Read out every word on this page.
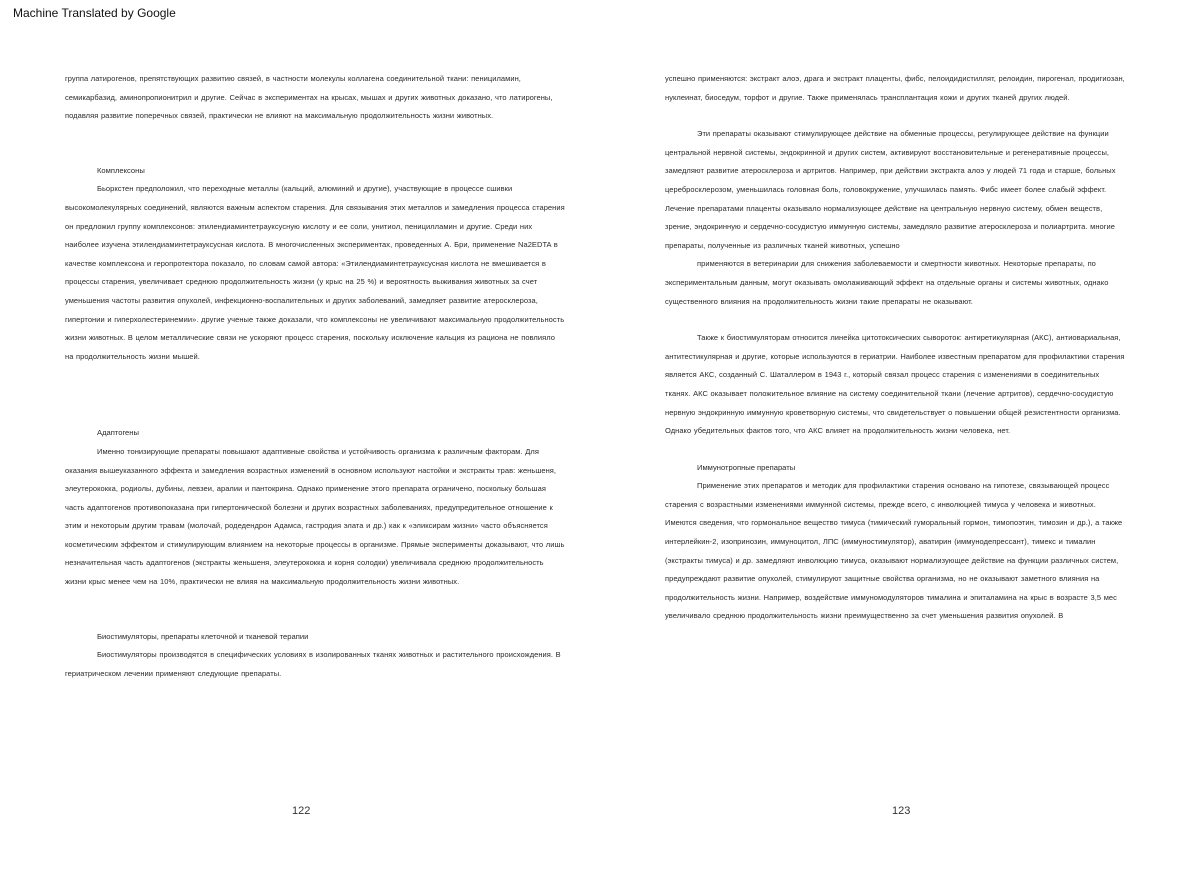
Machine Translated by Google

группа латирогенов, препятствующих развитию связей, в частности молекулы коллагена соединительной ткани: пенициламин, семикарбазид, аминопропионитрил и другие. Сейчас в экспериментах на крысах, мышах и других животных доказано, что латирогены, подавляя развитие поперечных связей, практически не влияют на максимальную продолжительность жизни животных.

Комплексоны

Бьоркстен предположил, что переходные металлы (кальций, алюминий и другие), участвующие в процессе сшивки высокомолекулярных соединений, являются важным аспектом старения. Для связывания этих металлов и замедления процесса старения он предложил группу комплексонов: этилендиаминтетрауксусную кислоту и ее соли, унитиол, пеницилламин и другие. Среди них наиболее изучена этилендиаминтетрауксусная кислота. В многочисленных экспериментах, проведенных А. Бри, применение Na2EDTA в качестве комплексона и геропротектора показало, по словам самой автора: «Этилендиаминтетрауксусная кислота не вмешивается в процессы старения, увеличивает среднюю продолжительность жизни (у крыс на 25 %) и вероятность выживания животных за счет уменьшения частоты развития опухолей, инфекционно-воспалительных и других заболеваний, замедляет развитие атеросклероза, гипертонии и гиперхолестеринемии». другие ученые также доказали, что комплексоны не увеличивают максимальную продолжительность жизни животных. В целом металлические связи не ускоряют процесс старения, поскольку исключение кальция из рациона не повлияло на продолжительность жизни мышей.

Адаптогены

Именно тонизирующие препараты повышают адаптивные свойства и устойчивость организма к различным факторам. Для оказания вышеуказанного эффекта и замедления возрастных изменений в основном используют настойки и экстракты трав: женьшеня, элеутерококка, родиолы, дубины, левзеи, аралии и пантокрина. Однако применение этого препарата ограничено, поскольку большая часть адаптогенов противопоказана при гипертонической болезни и других возрастных заболеваниях, предупредительное отношение к этим и некоторым другим травам (молочай, родедендрон Адамса, гастродия элата и др.) как к «эликсирам жизни» часто объясняется косметическим эффектом и стимулирующим влиянием на некоторые процессы в организме. Прямые эксперименты доказывают, что лишь незначительная часть адаптогенов (экстракты женьшеня, элеутерококка и корня солодки) увеличивала среднюю продолжительность жизни крыс менее чем на 10%, практически не влияя на максимальную продолжительность жизни животных.

Биостимуляторы, препараты клеточной и тканевой терапии

Биостимуляторы производятся в специфических условиях в изолированных тканях животных и растительного происхождения. В гериатрическом лечении применяют следующие препараты.

122

успешно применяются: экстракт алоэ, драга и экстракт плаценты, фибс, пелоидидистиллят, релоидин, пирогенал, продигиозан, нуклеинат, биоседум, торфот и другие. Также применялась трансплантация кожи и других тканей других людей.

Эти препараты оказывают стимулирующее действие на обменные процессы, регулирующее действие на функции центральной нервной системы, эндокринной и других систем, активируют восстановительные и регенеративные процессы, замедляют развитие атеросклероза и артритов. Например, при действии экстракта алоэ у людей 71 года и старше, больных церебросклерозом, уменьшилась головная боль, головокружение, улучшилась память. Фибс имеет более слабый эффект. Лечение препаратами плаценты оказывало нормализующее действие на центральную нервную систему, обмен веществ, зрение, эндокринную и сердечно-сосудистую иммунную системы, замедляло развитие атеросклероза и полиартрита. многие препараты, полученные из различных тканей животных, успешно

применяются в ветеринарии для снижения заболеваемости и смертности животных. Некоторые препараты, по экспериментальным данным, могут оказывать омолаживающий эффект на отдельные органы и системы животных, однако существенного влияния на продолжительность жизни такие препараты не оказывают.

Также к биостимуляторам относится линейка цитотоксических сывороток: антиретикулярная (АКС), антиовариальная, антитестикулярная и другие, которые используются в гериатрии. Наиболее известным препаратом для профилактики старения является АКС, созданный С. Шаталлером в 1943 г., который связал процесс старения с изменениями в соединительных тканях. АКС оказывает положительное влияние на систему соединительной ткани (лечение артритов), сердечно-сосудистую нервную эндокринную иммунную кроветворную системы, что свидетельствует о повышении общей резистентности организма. Однако убедительных фактов того, что АКС влияет на продолжительность жизни человека, нет.

Иммунотропные препараты

Применение этих препаратов и методик для профилактики старения основано на гипотезе, связывающей процесс старения с возрастными изменениями иммунной системы, прежде всего, с инволюцией тимуса у человека и животных.

Имеются сведения, что гормональное вещество тимуса (тимический гуморальный гормон, тимопоэтин, тимозин и др.), а также интерлейкин-2, изопринозин, иммуноцитол, ЛПС (иммуностимулятор), аватирин (иммунодепрессант), тимекс и тималин (экстракты тимуса) и др. замедляют инволюцию тимуса, оказывают нормализующее действие на функции различных систем, предупреждают развитие опухолей, стимулируют защитные свойства организма, но не оказывают заметного влияния на продолжительность жизни. Например, воздействие иммуномодуляторов тималина и эпиталамина на крыс в возрасте 3,5 мес увеличивало среднюю продолжительность жизни преимущественно за счет уменьшения развития опухолей. В

123
